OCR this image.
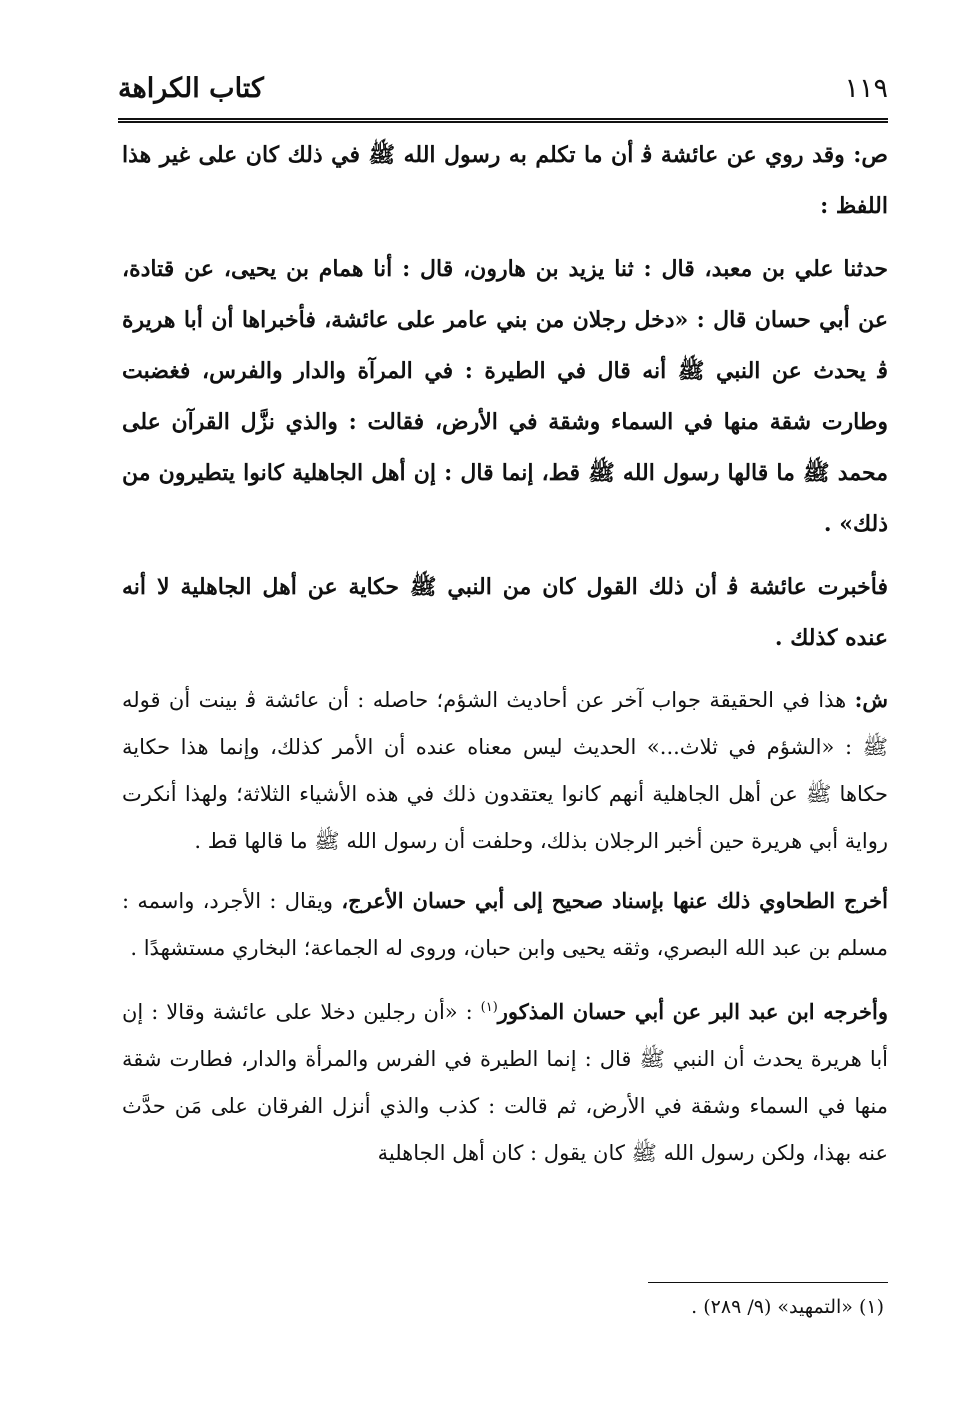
كتاب الكراهة	١١٩

ص: وقد روي عن عائشة ﭬ أن ما تكلم به رسول الله ﷺ في ذلك كان على غير هذا اللفظ :

حدثنا علي بن معبد، قال : ثنا يزيد بن هارون، قال : أنا همام بن يحيى، عن قتادة، عن أبي حسان قال : «دخل رجلان من بني عامر على عائشة، فأخبراها أن أبا هريرة ﭬ يحدث عن النبي ﷺ أنه قال في الطيرة : في المرآة والدار والفرس، فغضبت وطارت شقة منها في السماء وشقة في الأرض، فقالت : والذي نزَّل القرآن على محمد ﷺ ما قالها رسول الله ﷺ قط، إنما قال : إن أهل الجاهلية كانوا يتطيرون من ذلك» .

فأخبرت عائشة ﭬ أن ذلك القول كان من النبي ﷺ حكاية عن أهل الجاهلية لا أنه عنده كذلك .

ش: هذا في الحقيقة جواب آخر عن أحاديث الشؤم؛ حاصله : أن عائشة ﭬ بينت أن قوله ﷺ : «الشؤم في ثلاث...» الحديث ليس معناه عنده أن الأمر كذلك، وإنما هذا حكاية حكاها ﷺ عن أهل الجاهلية أنهم كانوا يعتقدون ذلك في هذه الأشياء الثلاثة؛ ولهذا أنكرت رواية أبي هريرة حين أخبر الرجلان بذلك، وحلفت أن رسول الله ﷺ ما قالها قط .

أخرج الطحاوي ذلك عنها بإسناد صحيح إلى أبي حسان الأعرج، ويقال : الأجرد، واسمه : مسلم بن عبد الله البصري، وثقه يحيى وابن حبان، وروى له الجماعة؛ البخاري مستشهدًا .

وأخرجه ابن عبد البر عن أبي حسان المذكور$^{(١)}$ : «أن رجلين دخلا على عائشة وقالا : إن أبا هريرة يحدث أن النبي ﷺ قال : إنما الطيرة في الفرس والمرأة والدار، فطارت شقة منها في السماء وشقة في الأرض، ثم قالت : كذب والذي أنزل الفرقان على مَن حدَّث عنه بهذا، ولكن رسول الله ﷺ كان يقول : كان أهل الجاهلية

(١) «التمهيد» (٩/ ٢٨٩) .
